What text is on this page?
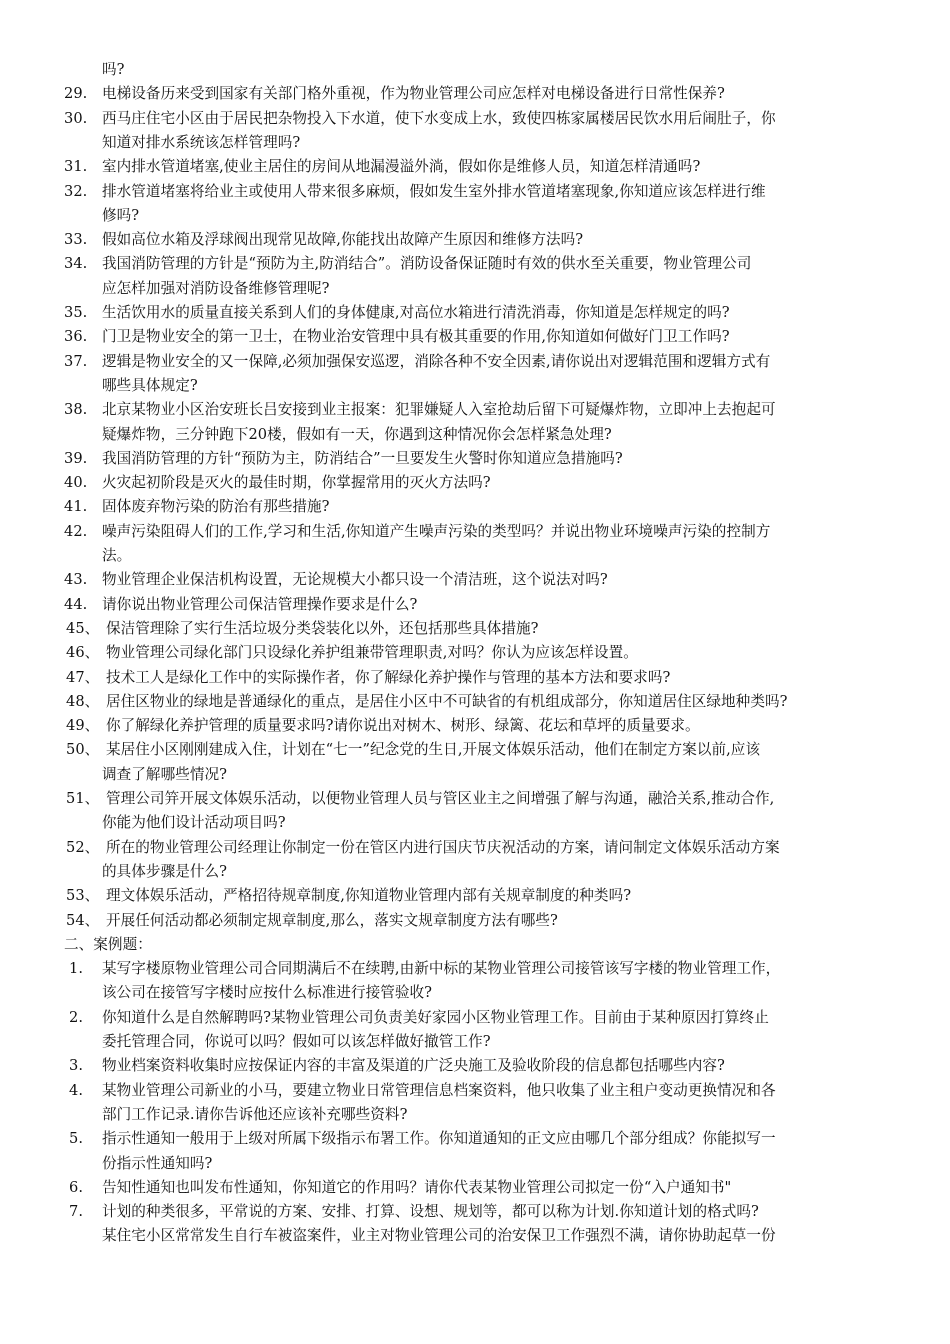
吗?
29. 电梯设备历来受到国家有关部门格外重视，作为物业管理公司应怎样对电梯设备进行日常性保养?
30. 西马庄住宅小区由于居民把杂物投入下水道，使下水变成上水，致使四栋家属楼居民饮水用后闹肚子，你
知道对排水系统该怎样管理吗?
31. 室内排水管道堵塞,使业主居住的房间从地漏漫溢外淌，假如你是维修人员，知道怎样清通吗?
32. 排水管道堵塞将给业主或使用人带来很多麻烦，假如发生室外排水管道堵塞现象,你知道应该怎样进行维
修吗?
33. 假如高位水箱及浮球阀出现常见故障,你能找出故障产生原因和维修方法吗?
34. 我国消防管理的方针是“预防为主,防消结合”。消防设备保证随时有效的供水至关重要，物业管理公司
应怎样加强对消防设备维修管理呢?
35. 生活饮用水的质量直接关系到人们的身体健康,对高位水箱进行清洗消毒，你知道是怎样规定的吗?
36. 门卫是物业安全的第一卫士，在物业治安管理中具有极其重要的作用,你知道如何做好门卫工作吗?
37. 逻辑是物业安全的又一保障,必须加强保安巡逻，消除各种不安全因素,请你说出对逻辑范围和逻辑方式有
哪些具体规定?
38. 北京某物业小区治安班长吕安接到业主报案：犯罪嫌疑人入室抢劫后留下可疑爆炸物，立即冲上去抱起可
疑爆炸物，三分钟跑下20楼，假如有一天，你遇到这种情况你会怎样紧急处理?
39. 我国消防管理的方针“预防为主，防消结合”一旦要发生火警时你知道应急措施吗?
40. 火灾起初阶段是灭火的最佳时期，你掌握常用的灭火方法吗?
41. 固体废弃物污染的防治有那些措施?
42. 噪声污染阻碍人们的工作,学习和生活,你知道产生噪声污染的类型吗？并说出物业环境噪声污染的控制方
法。
43. 物业管理企业保洁机构设置，无论规模大小都只设一个清洁班，这个说法对吗?
44. 请你说出物业管理公司保洁管理操作要求是什么?
45、 保洁管理除了实行生活垃圾分类袋装化以外，还包括那些具体措施?
46、 物业管理公司绿化部门只设绿化养护组兼带管理职责,对吗？你认为应该怎样设置。
47、 技术工人是绿化工作中的实际操作者，你了解绿化养护操作与管理的基本方法和要求吗?
48、 居住区物业的绿地是普通绿化的重点，是居住小区中不可缺省的有机组成部分，你知道居住区绿地种类吗?
49、 你了解绿化养护管理的质量要求吗?请你说出对树木、树形、绿篱、花坛和草坪的质量要求。
50、 某居住小区刚刚建成入住，计划在“七一”纪念党的生日,开展文体娱乐活动，他们在制定方案以前,应该
调查了解哪些情况?
51、 管理公司笄开展文体娱乐活动，以便物业管理人员与管区业主之间增强了解与沟通，融洽关系,推动合作,
你能为他们设计活动项目吗?
52、 所在的物业管理公司经理让你制定一份在管区内进行国庆节庆祝活动的方案，请问制定文体娱乐活动方案
的具体步骤是什么?
53、 理文体娱乐活动，严格招待规章制度,你知道物业管理内部有关规章制度的种类吗?
54、 开展任何活动都必须制定规章制度,那么，落实文规章制度方法有哪些?
二、案例题：
1. 某写字楼原物业管理公司合同期满后不在续聘,由新中标的某物业管理公司接管该写字楼的物业管理工作，
该公司在接管写字楼时应按什么标准进行接管验收?
2. 你知道什么是自然解聘吗?某物业管理公司负责美好家园小区物业管理工作。目前由于某种原因打算终止
委托管理合同，你说可以吗？假如可以该怎样做好撤管工作?
3. 物业档案资料收集时应按保证内容的丰富及渠道的广泛央施工及验收阶段的信息都包括哪些内容?
4. 某物业管理公司新业的小马，要建立物业日常管理信息档案资料，他只收集了业主租户变动更换情况和各
部门工作记录.请你告诉他还应该补充哪些资料?
5. 指示性通知一般用于上级对所属下级指示布署工作。你知道通知的正文应由哪几个部分组成？你能拟写一
份指示性通知吗?
6. 告知性通知也叫发布性通知，你知道它的作用吗？请你代表某物业管理公司拟定一份“入户通知书"
7. 计划的种类很多，平常说的方案、安排、打算、设想、规划等，都可以称为计划.你知道计划的格式吗?
某住宅小区常常发生自行车被盗案件，业主对物业管理公司的治安保卫工作强烈不满，请你协助起草一份
